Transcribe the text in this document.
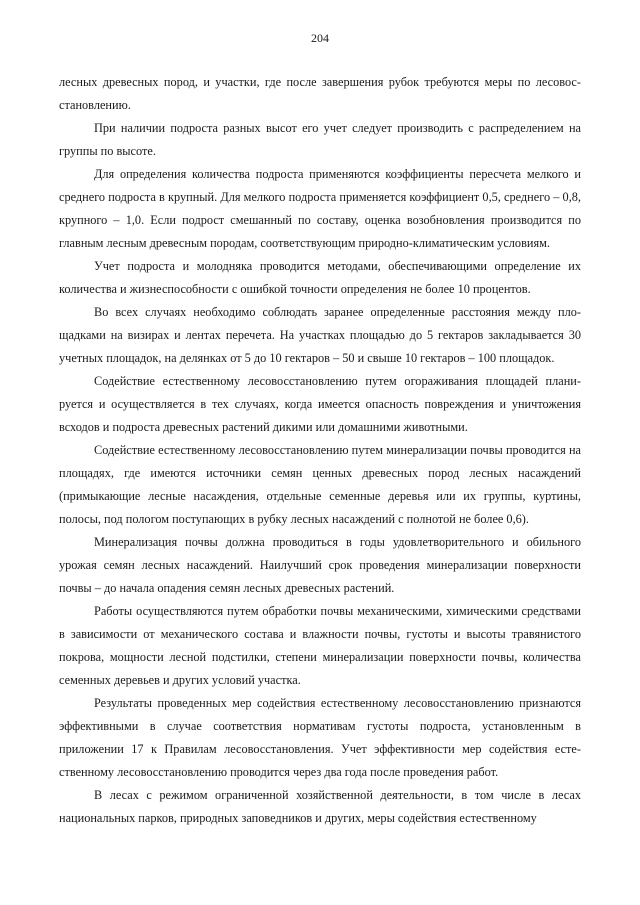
204

лесных древесных пород, и участки, где после завершения рубок требуются меры по лесовосстановлению.

При наличии подроста разных высот его учет следует производить с распределением на группы по высоте.

Для определения количества подроста применяются коэффициенты пересчета мелкого и среднего подроста в крупный. Для мелкого подроста применяется коэффициент 0,5, среднего – 0,8, крупного – 1,0. Если подрост смешанный по составу, оценка возобновления производится по главным лесным древесным породам, соответствующим природно-климатическим условиям.

Учет подроста и молодняка проводится методами, обеспечивающими определение их количества и жизнеспособности с ошибкой точности определения не более 10 процентов.

Во всех случаях необходимо соблюдать заранее определенные расстояния между площадками на визирах и лентах перечета. На участках площадью до 5 гектаров закладывается 30 учетных площадок, на делянках от 5 до 10 гектаров – 50 и свыше 10 гектаров – 100 площадок.

Содействие естественному лесовосстановлению путем огораживания площадей планируется и осуществляется в тех случаях, когда имеется опасность повреждения и уничтожения всходов и подроста древесных растений дикими или домашними животными.

Содействие естественному лесовосстановлению путем минерализации почвы проводится на площадях, где имеются источники семян ценных древесных пород лесных насаждений (примыкающие лесные насаждения, отдельные семенные деревья или их группы, куртины, полосы, под пологом поступающих в рубку лесных насаждений с полнотой не более 0,6).

Минерализация почвы должна проводиться в годы удовлетворительного и обильного урожая семян лесных насаждений. Наилучший срок проведения минерализации поверхности почвы – до начала опадения семян лесных древесных растений.

Работы осуществляются путем обработки почвы механическими, химическими средствами в зависимости от механического состава и влажности почвы, густоты и высоты травянистого покрова, мощности лесной подстилки, степени минерализации поверхности почвы, количества семенных деревьев и других условий участка.

Результаты проведенных мер содействия естественному лесовосстановлению признаются эффективными в случае соответствия нормативам густоты подроста, установленным в приложении 17 к Правилам лесовосстановления. Учет эффективности мер содействия естественному лесовосстановлению проводится через два года после проведения работ.

В лесах с режимом ограниченной хозяйственной деятельности, в том числе в лесах национальных парков, природных заповедников и других, меры содействия естественному
